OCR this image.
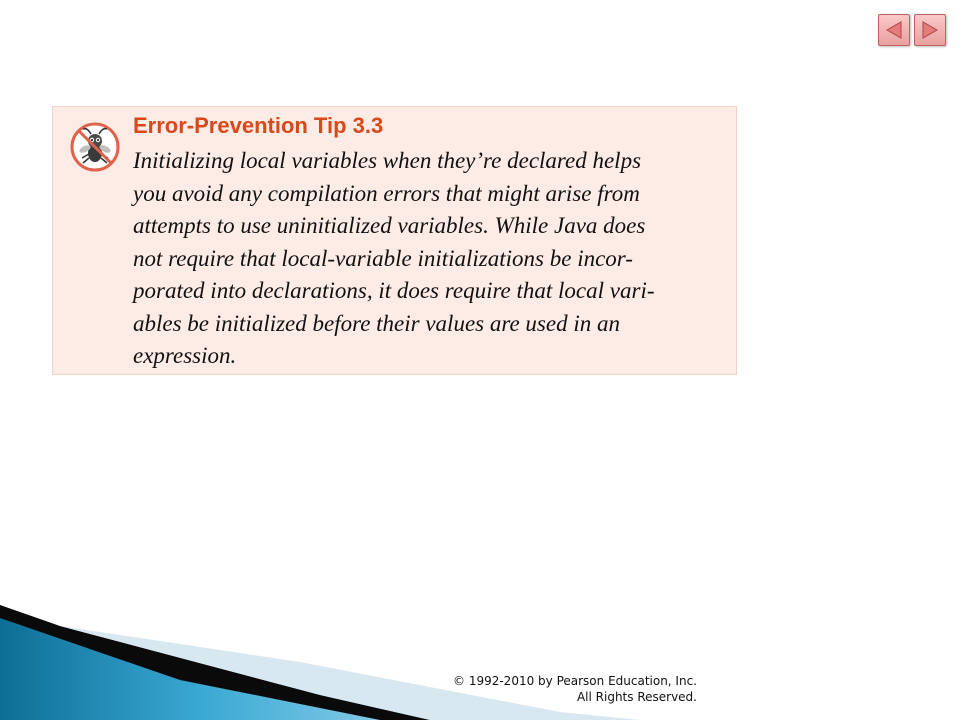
Error-Prevention Tip 3.3
Initializing local variables when they’re declared helps
you avoid any compilation errors that might arise from
attempts to use uninitialized variables. While Java does
not require that local-variable initializations be incor-
porated into declarations, it does require that local vari-
ables be initialized before their values are used in an
expression.
© 1992-2010 by Pearson Education, Inc.
All Rights Reserved.
